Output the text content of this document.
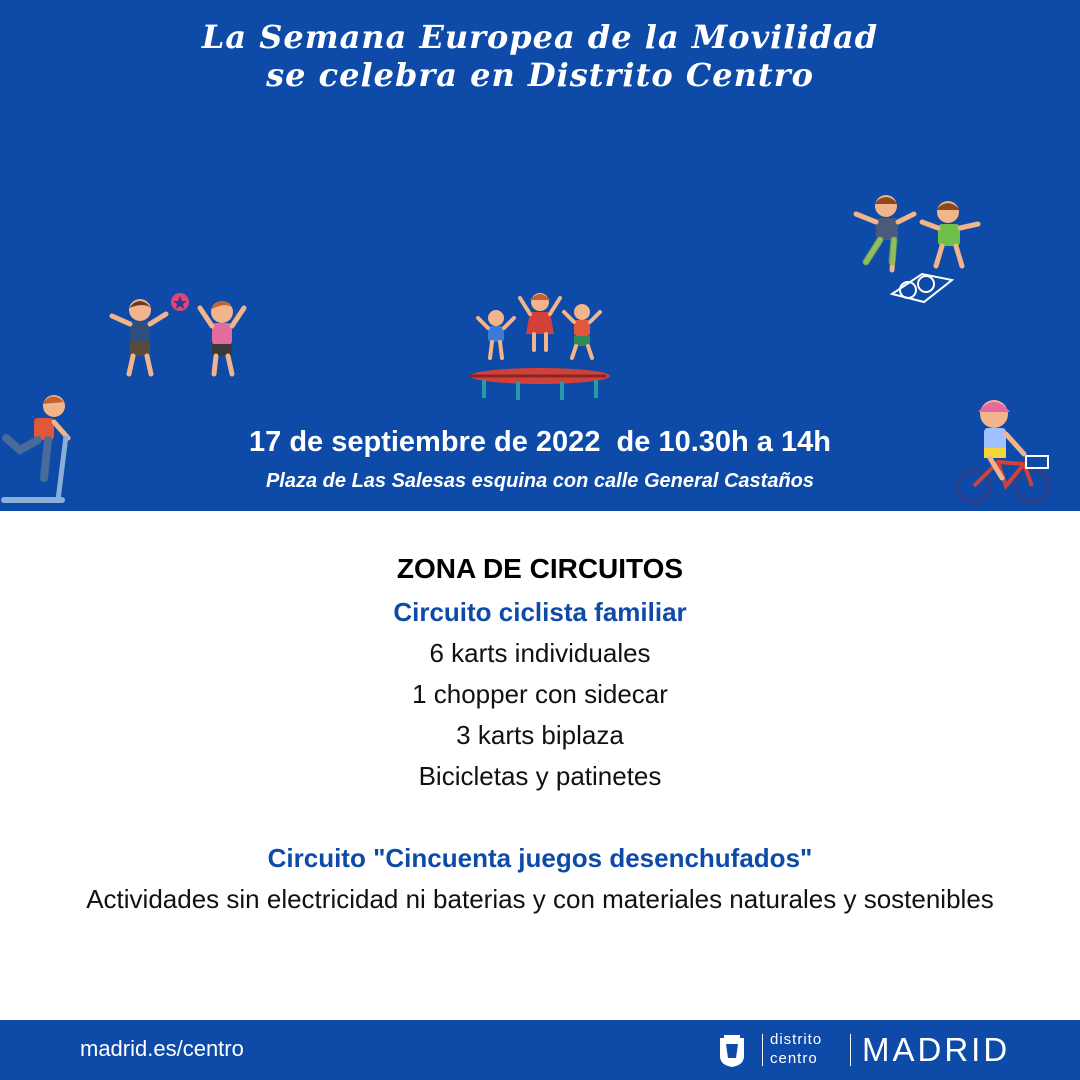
La Semana Europea de la Movilidad
se celebra en Distrito Centro
17 de septiembre de 2022  de 10.30h a 14h
Plaza de Las Salesas esquina con calle General Castaños

ZONA DE CIRCUITOS

Circuito ciclista familiar

6 karts individuales

1 chopper con sidecar

3 karts biplaza

Bicicletas y patinetes

Circuito "Cincuenta juegos desenchufados"

Actividades sin electricidad ni baterias y con materiales naturales y sostenibles

madrid.es/centro	distrito
centro MADRID
